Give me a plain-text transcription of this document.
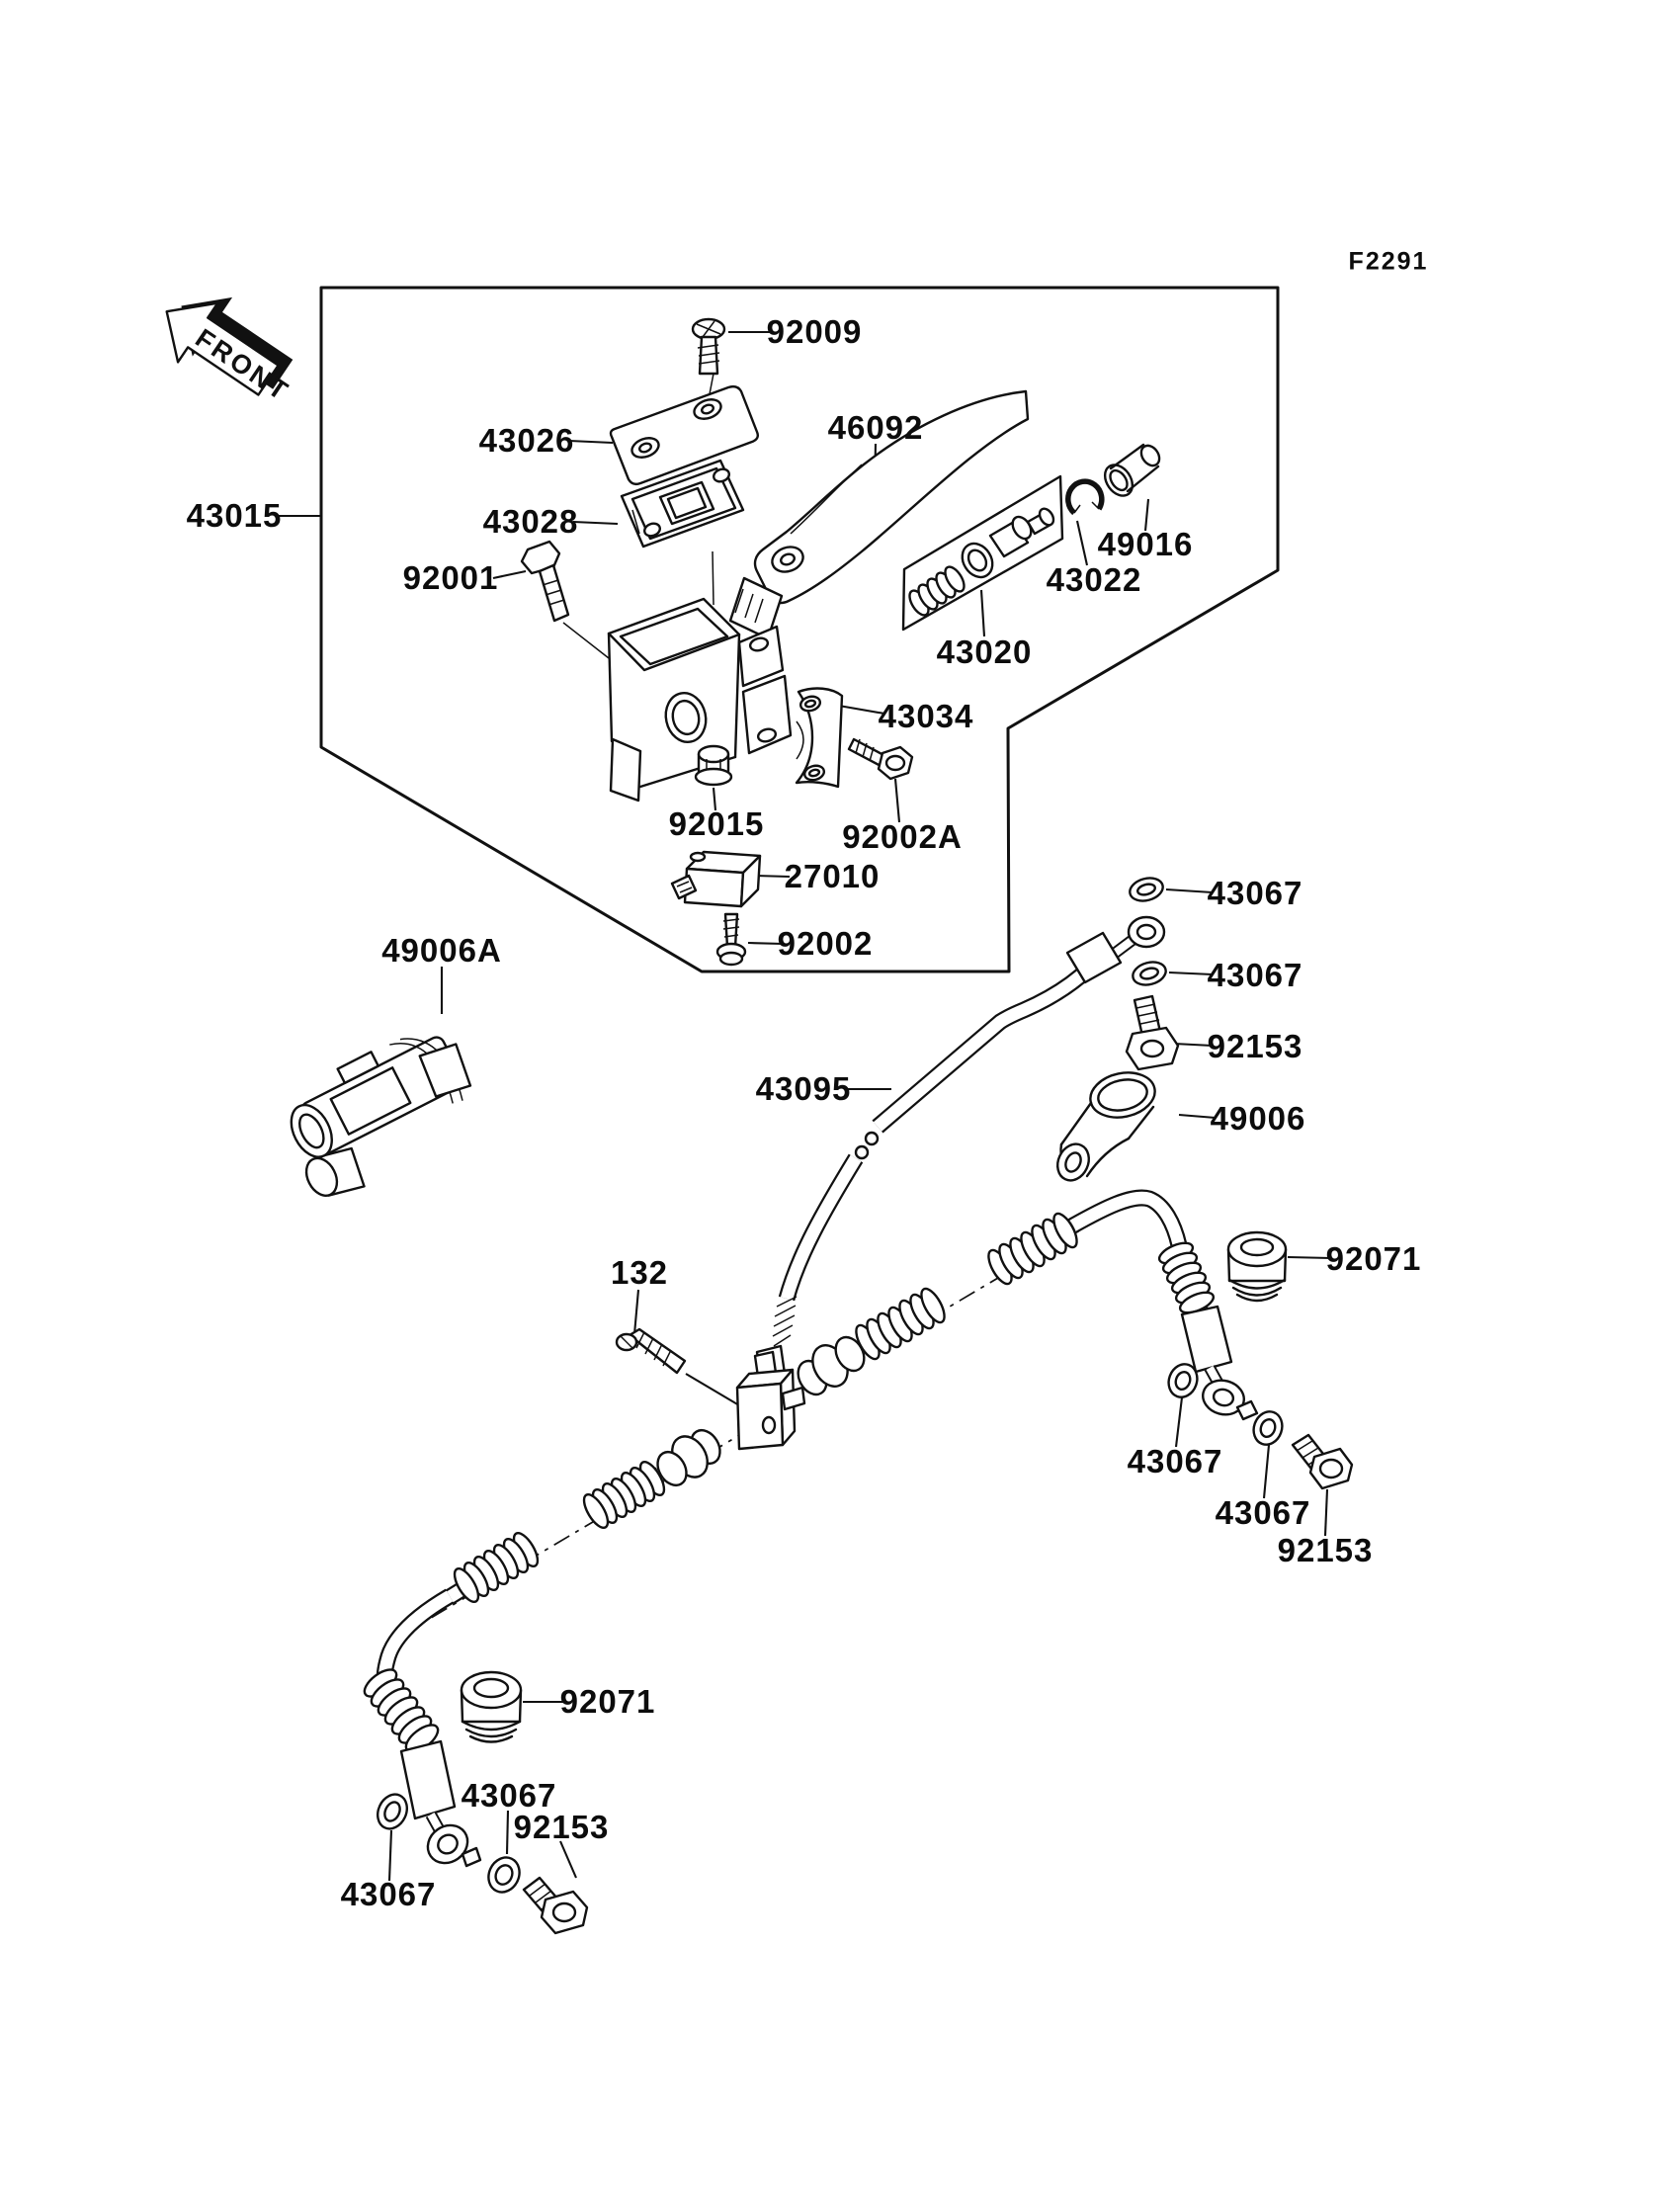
FRONT
F2291
92009
43026
43028
92001
46092
43015
49016
43022
43020
43034
92002A
92015
27010
92002
43067
43067
92153
49006
49006A
43095
132	92071
43067
43067
92153
92071
43067
92153
43067
